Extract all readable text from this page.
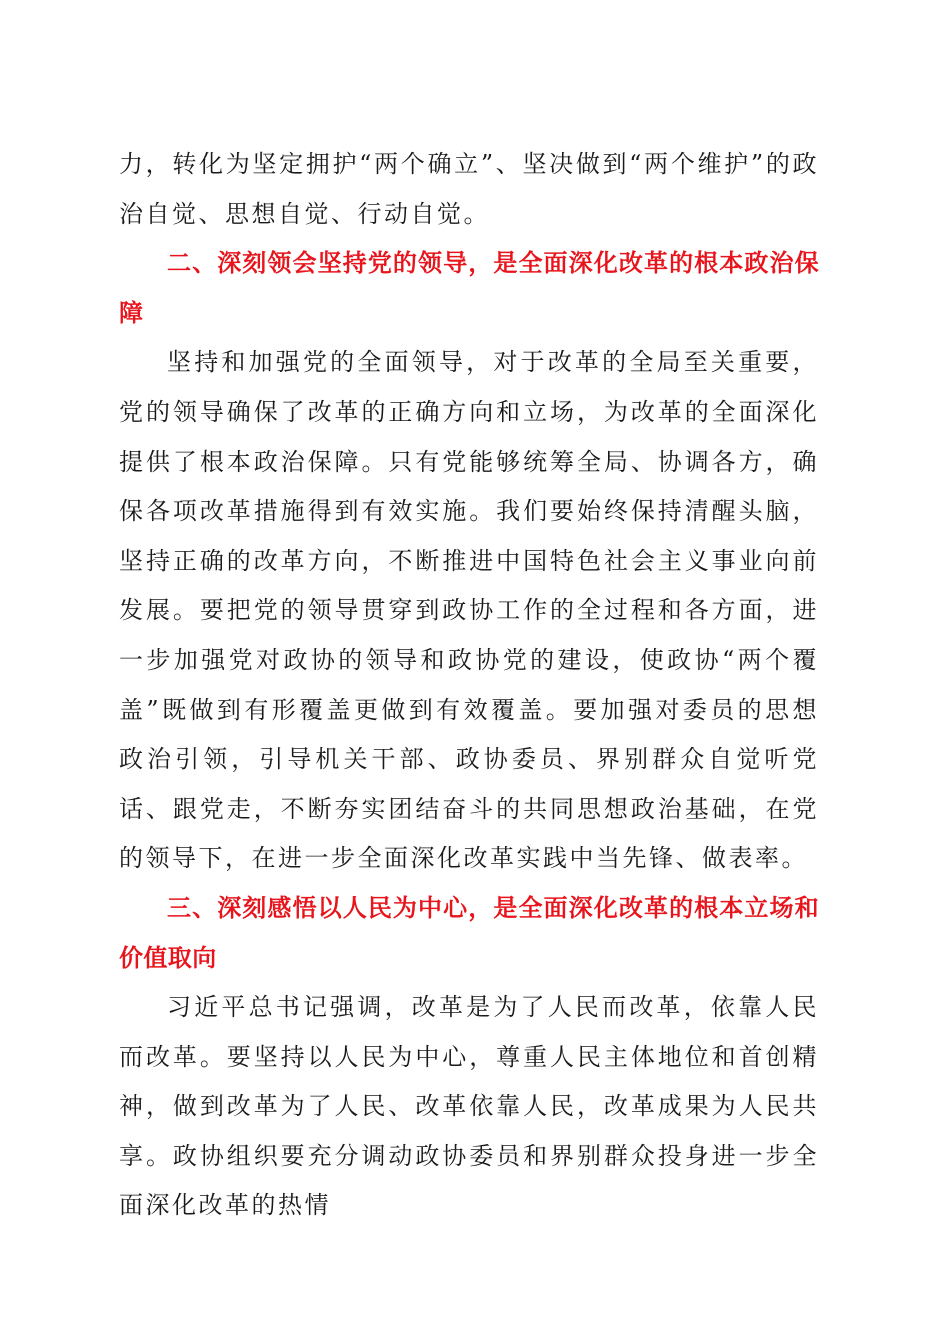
力，转化为坚定拥护“两个确立”、坚决做到“两个维护”的政治自觉、思想自觉、行动自觉。

二、深刻领会坚持党的领导，是全面深化改革的根本政治保障

坚持和加强党的全面领导，对于改革的全局至关重要，党的领导确保了改革的正确方向和立场，为改革的全面深化提供了根本政治保障。只有党能够统筹全局、协调各方，确保各项改革措施得到有效实施。我们要始终保持清醒头脑，坚持正确的改革方向，不断推进中国特色社会主义事业向前发展。要把党的领导贯穿到政协工作的全过程和各方面，进一步加强党对政协的领导和政协党的建设，使政协“两个覆盖”既做到有形覆盖更做到有效覆盖。要加强对委员的思想政治引领，引导机关干部、政协委员、界别群众自觉听党话、跟党走，不断夯实团结奋斗的共同思想政治基础，在党的领导下，在进一步全面深化改革实践中当先锋、做表率。

三、深刻感悟以人民为中心，是全面深化改革的根本立场和价值取向

习近平总书记强调，改革是为了人民而改革，依靠人民而改革。要坚持以人民为中心，尊重人民主体地位和首创精神，做到改革为了人民、改革依靠人民，改革成果为人民共享。政协组织要充分调动政协委员和界别群众投身进一步全面深化改革的热情
